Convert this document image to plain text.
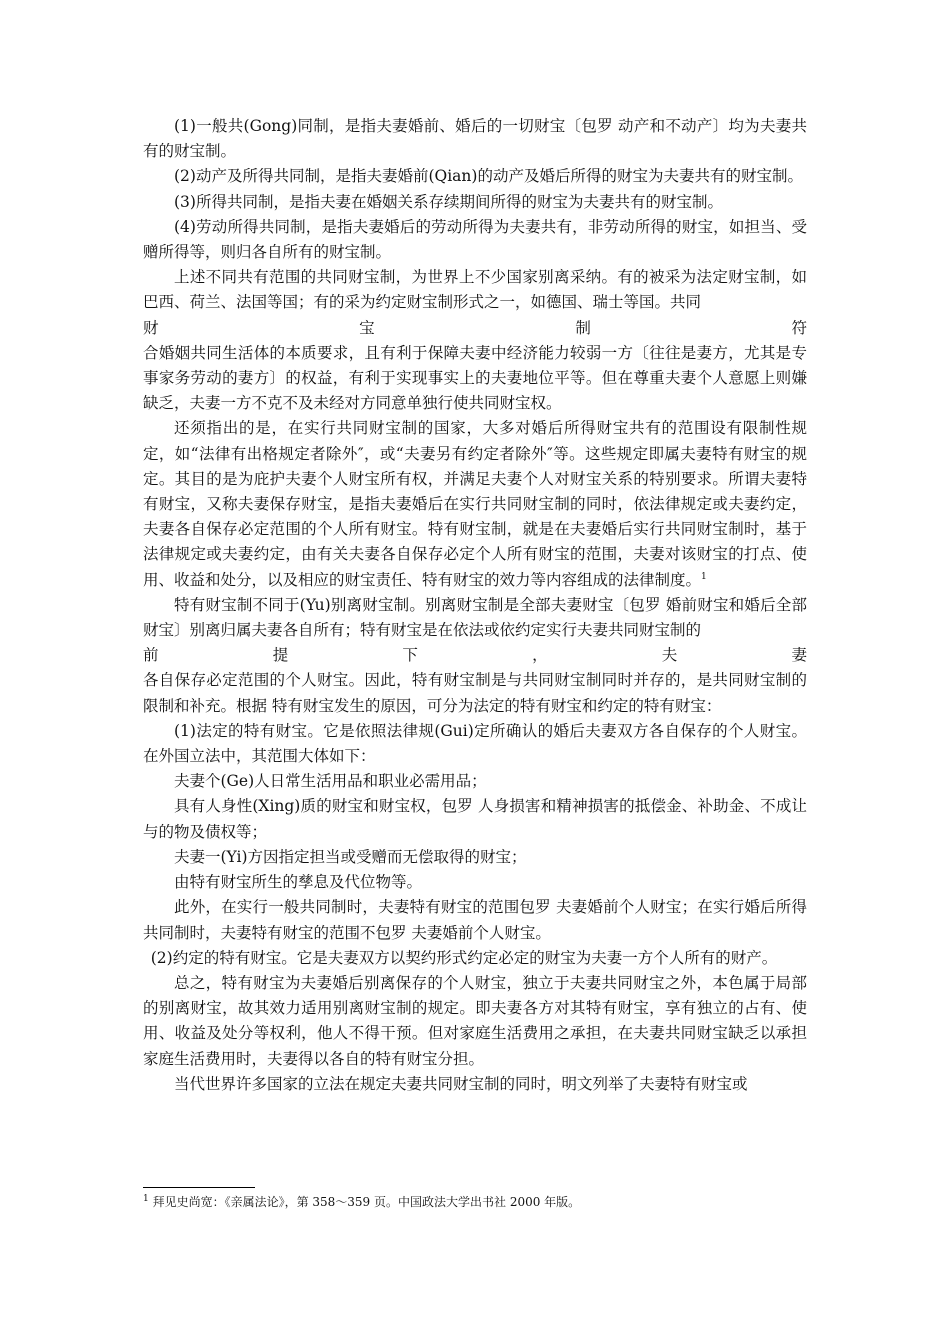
(1)一般共(Gong)同制，是指夫妻婚前、婚后的一切财宝〔包罗 动产和不动产〕均为夫妻共有的财宝制。

(2)动产及所得共同制，是指夫妻婚前(Qian)的动产及婚后所得的财宝为夫妻共有的财宝制。

(3)所得共同制，是指夫妻在婚姻关系存续期间所得的财宝为夫妻共有的财宝制。

(4)劳动所得共同制，是指夫妻婚后的劳动所得为夫妻共有，非劳动所得的财宝，如担当、受赠所得等，则归各自所有的财宝制。

上述不同共有范围的共同财宝制，为世界上不少国家别离采纳。有的被采为法定财宝制，如巴西、荷兰、法国等国；有的采为约定财宝制形式之一，如德国、瑞士等国。共同

财	宝	制	符

合婚姻共同生活体的本质要求，且有利于保障夫妻中经济能力较弱一方〔往往是妻方，尤其是专事家务劳动的妻方〕的权益，有利于实现事实上的夫妻地位平等。但在尊重夫妻个人意愿上则嫌缺乏，夫妻一方不克不及未经对方同意单独行使共同财宝权。

还须指出的是，在实行共同财宝制的国家，大多对婚后所得财宝共有的范围设有限制性规定，如“法律有出格规定者除外″，或“夫妻另有约定者除外″等。这些规定即属夫妻特有财宝的规定。其目的是为庇护夫妻个人财宝所有权，并满足夫妻个人对财宝关系的特别要求。所谓夫妻特有财宝，又称夫妻保存财宝，是指夫妻婚后在实行共同财宝制的同时，依法律规定或夫妻约定，夫妻各自保存必定范围的个人所有财宝。特有财宝制，就是在夫妻婚后实行共同财宝制时，基于法律规定或夫妻约定，由有关夫妻各自保存必定个人所有财宝的范围，夫妻对该财宝的打点、使用、收益和处分，以及相应的财宝责任、特有财宝的效力等内容组成的法律制度。$^1$

特有财宝制不同于(Yu)别离财宝制。别离财宝制是全部夫妻财宝〔包罗 婚前财宝和婚后全部财宝〕别离归属夫妻各自所有；特有财宝是在依法或依约定实行夫妻共同财宝制的

前	提	下	，	夫	妻

各自保存必定范围的个人财宝。因此，特有财宝制是与共同财宝制同时并存的，是共同财宝制的限制和补充。根据 特有财宝发生的原因，可分为法定的特有财宝和约定的特有财宝：

(1)法定的特有财宝。它是依照法律规(Gui)定所确认的婚后夫妻双方各自保存的个人财宝。在外国立法中，其范围大体如下：

夫妻个(Ge)人日常生活用品和职业必需用品；

具有人身性(Xing)质的财宝和财宝权，包罗 人身损害和精神损害的抵偿金、补助金、不成让与的物及债权等；

夫妻一(Yi)方因指定担当或受赠而无偿取得的财宝；

由特有财宝所生的孳息及代位物等。

此外，在实行一般共同制时，夫妻特有财宝的范围包罗 夫妻婚前个人财宝；在实行婚后所得共同制时，夫妻特有财宝的范围不包罗 夫妻婚前个人财宝。

(2)约定的特有财宝。它是夫妻双方以契约形式约定必定的财宝为夫妻一方个人所有的财产。

总之，特有财宝为夫妻婚后别离保存的个人财宝，独立于夫妻共同财宝之外，本色属于局部的别离财宝，故其效力适用别离财宝制的规定。即夫妻各方对其特有财宝，享有独立的占有、使用、收益及处分等权利，他人不得干预。但对家庭生活费用之承担，在夫妻共同财宝缺乏以承担家庭生活费用时，夫妻得以各自的特有财宝分担。

当代世界许多国家的立法在规定夫妻共同财宝制的同时，明文列举了夫妻特有财宝或

$^1$ 拜见史尚宽：《亲属法论》，第 358～359 页。中国政法大学出书社 2000 年版。
